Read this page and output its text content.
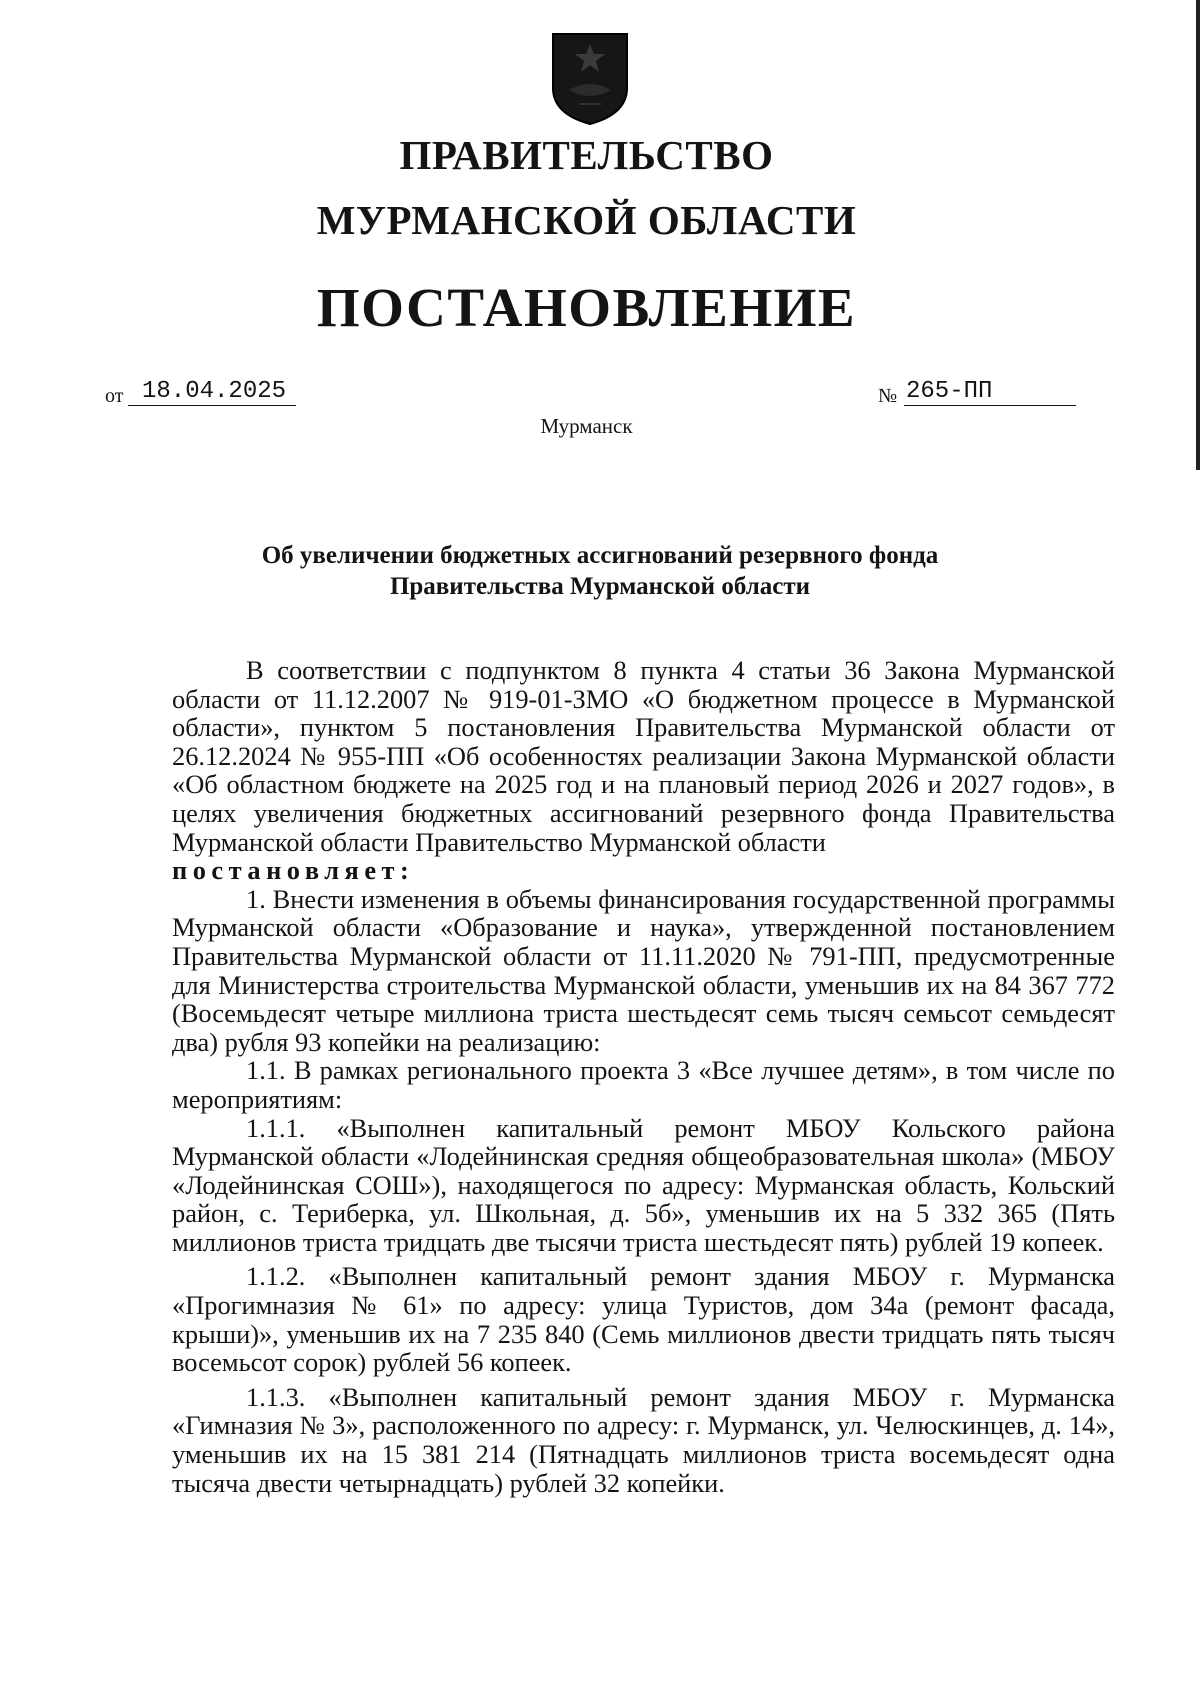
ПРАВИТЕЛЬСТВО
МУРМАНСКОЙ ОБЛАСТИ
ПОСТАНОВЛЕНИЕ
от 18.04.2025	№ 265-ПП
Мурманск
Об увеличении бюджетных ассигнований резервного фонда
Правительства Мурманской области

В соответствии с подпунктом 8 пункта 4 статьи 36 Закона Мурманской области от 11.12.2007 № 919-01-ЗМО «О бюджетном процессе в Мурманской области», пунктом 5 постановления Правительства Мурманской области от 26.12.2024 № 955-ПП «Об особенностях реализации Закона Мурманской области «Об областном бюджете на 2025 год и на плановый период 2026 и 2027 годов», в целях увеличения бюджетных ассигнований резервного фонда Правительства Мурманской области Правительство Мурманской области
постановляет:

1. Внести изменения в объемы финансирования государственной программы Мурманской области «Образование и наука», утвержденной постановлением Правительства Мурманской области от 11.11.2020 № 791-ПП, предусмотренные для Министерства строительства Мурманской области, уменьшив их на 84 367 772 (Восемьдесят четыре миллиона триста шестьдесят семь тысяч семьсот семьдесят два) рубля 93 копейки на реализацию:

1.1. В рамках регионального проекта 3 «Все лучшее детям», в том числе по мероприятиям:

1.1.1. «Выполнен капитальный ремонт МБОУ Кольского района Мурманской области «Лодейнинская средняя общеобразовательная школа» (МБОУ «Лодейнинская СОШ»), находящегося по адресу: Мурманская область, Кольский район, с. Териберка, ул. Школьная, д. 5б», уменьшив их на 5 332 365 (Пять миллионов триста тридцать две тысячи триста шестьдесят пять) рублей 19 копеек.

1.1.2. «Выполнен капитальный ремонт здания МБОУ г. Мурманска «Прогимназия № 61» по адресу: улица Туристов, дом 34а (ремонт фасада, крыши)», уменьшив их на 7 235 840 (Семь миллионов двести тридцать пять тысяч восемьсот сорок) рублей 56 копеек.

1.1.3. «Выполнен капитальный ремонт здания МБОУ г. Мурманска «Гимназия № 3», расположенного по адресу: г. Мурманск, ул. Челюскинцев, д. 14», уменьшив их на 15 381 214 (Пятнадцать миллионов триста восемьдесят одна тысяча двести четырнадцать) рублей 32 копейки.
